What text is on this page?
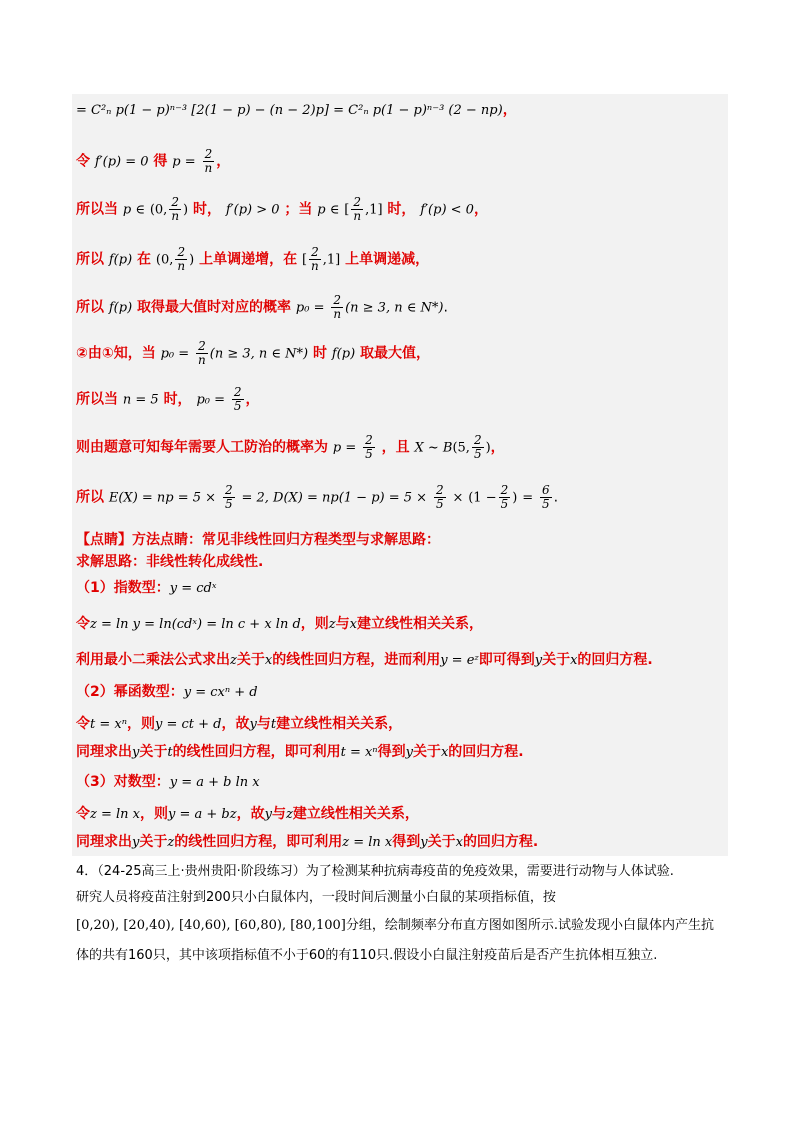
= C²ₙ p(1 − p)ⁿ⁻³ [2(1 − p) − (n − 2)p] = C²ₙ p(1 − p)ⁿ⁻³ (2 − np)，
令 f′(p) = 0 得 $p = \frac{2}{n}$ ，
所以当 p ∈ (0, $\frac{2}{n}$ ) 时， f′(p) > 0 ；当 p ∈ [ $\frac{2}{n} ,1$] 时， f′(p) < 0，
所以 f(p) 在 (0, $\frac{2}{n}$ ) 上单调递增，在 [ $\frac{2}{n} ,1$] 上单调递减，
所以 f(p) 取得最大值时对应的概率 $p_0 = \frac{2}{n} (n \ge 3$, n ∈ N*).
②由①知，当 $p_0 = \frac{2}{n} (n \ge 3$, n ∈ N*) 时 f(p) 取最大值，
所以当 n = 5 时， $p_0 = \frac{2}{5}$ ，
则由题意可知每年需要人工防治的概率为 $p = \frac{2}{5}$ ，且 X ~ B(5, $\frac{2}{5}$ )，
所以 E(X) = np = $5 \times \frac{2}{5} = 2$, $D(X) = np(1 - p) = 5 \times \frac{2}{5} \times (1 - \frac{2}{5}$ ) = $\frac{6}{5}$ .
【点睛】方法点睛：常见非线性回归方程类型与求解思路：
求解思路：非线性转化成线性.
（1）指数型：y = cdˣ
令z = ln y = ln(cdˣ) = ln c + x ln d，则z与x建立线性相关关系，
利用最小二乘法公式求出z关于x的线性回归方程，进而利用y = eᶻ即可得到y关于x的回归方程.
（2）幂函数型：y = cxⁿ + d
令t = xⁿ，则y = ct + d，故y与t建立线性相关关系，
同理求出y关于t的线性回归方程，即可利用t = xⁿ得到y关于x的回归方程.
（3）对数型：y = a + b ln x
令z = ln x，则y = a + bz，故y与z建立线性相关关系，
同理求出y关于z的线性回归方程，即可利用z = ln x得到y关于x的回归方程.
4．（24-25高三上·贵州贵阳·阶段练习）为了检测某种抗病毒疫苗的免疫效果，需要进行动物与人体试验.
研究人员将疫苗注射到200只小白鼠体内，一段时间后测量小白鼠的某项指标值，按
[0,20), [20,40), [40,60), [60,80), [80,100]分组，绘制频率分布直方图如图所示.试验发现小白鼠体内产生抗
体的共有160只，其中该项指标值不小于60的有110只.假设小白鼠注射疫苗后是否产生抗体相互独立.
